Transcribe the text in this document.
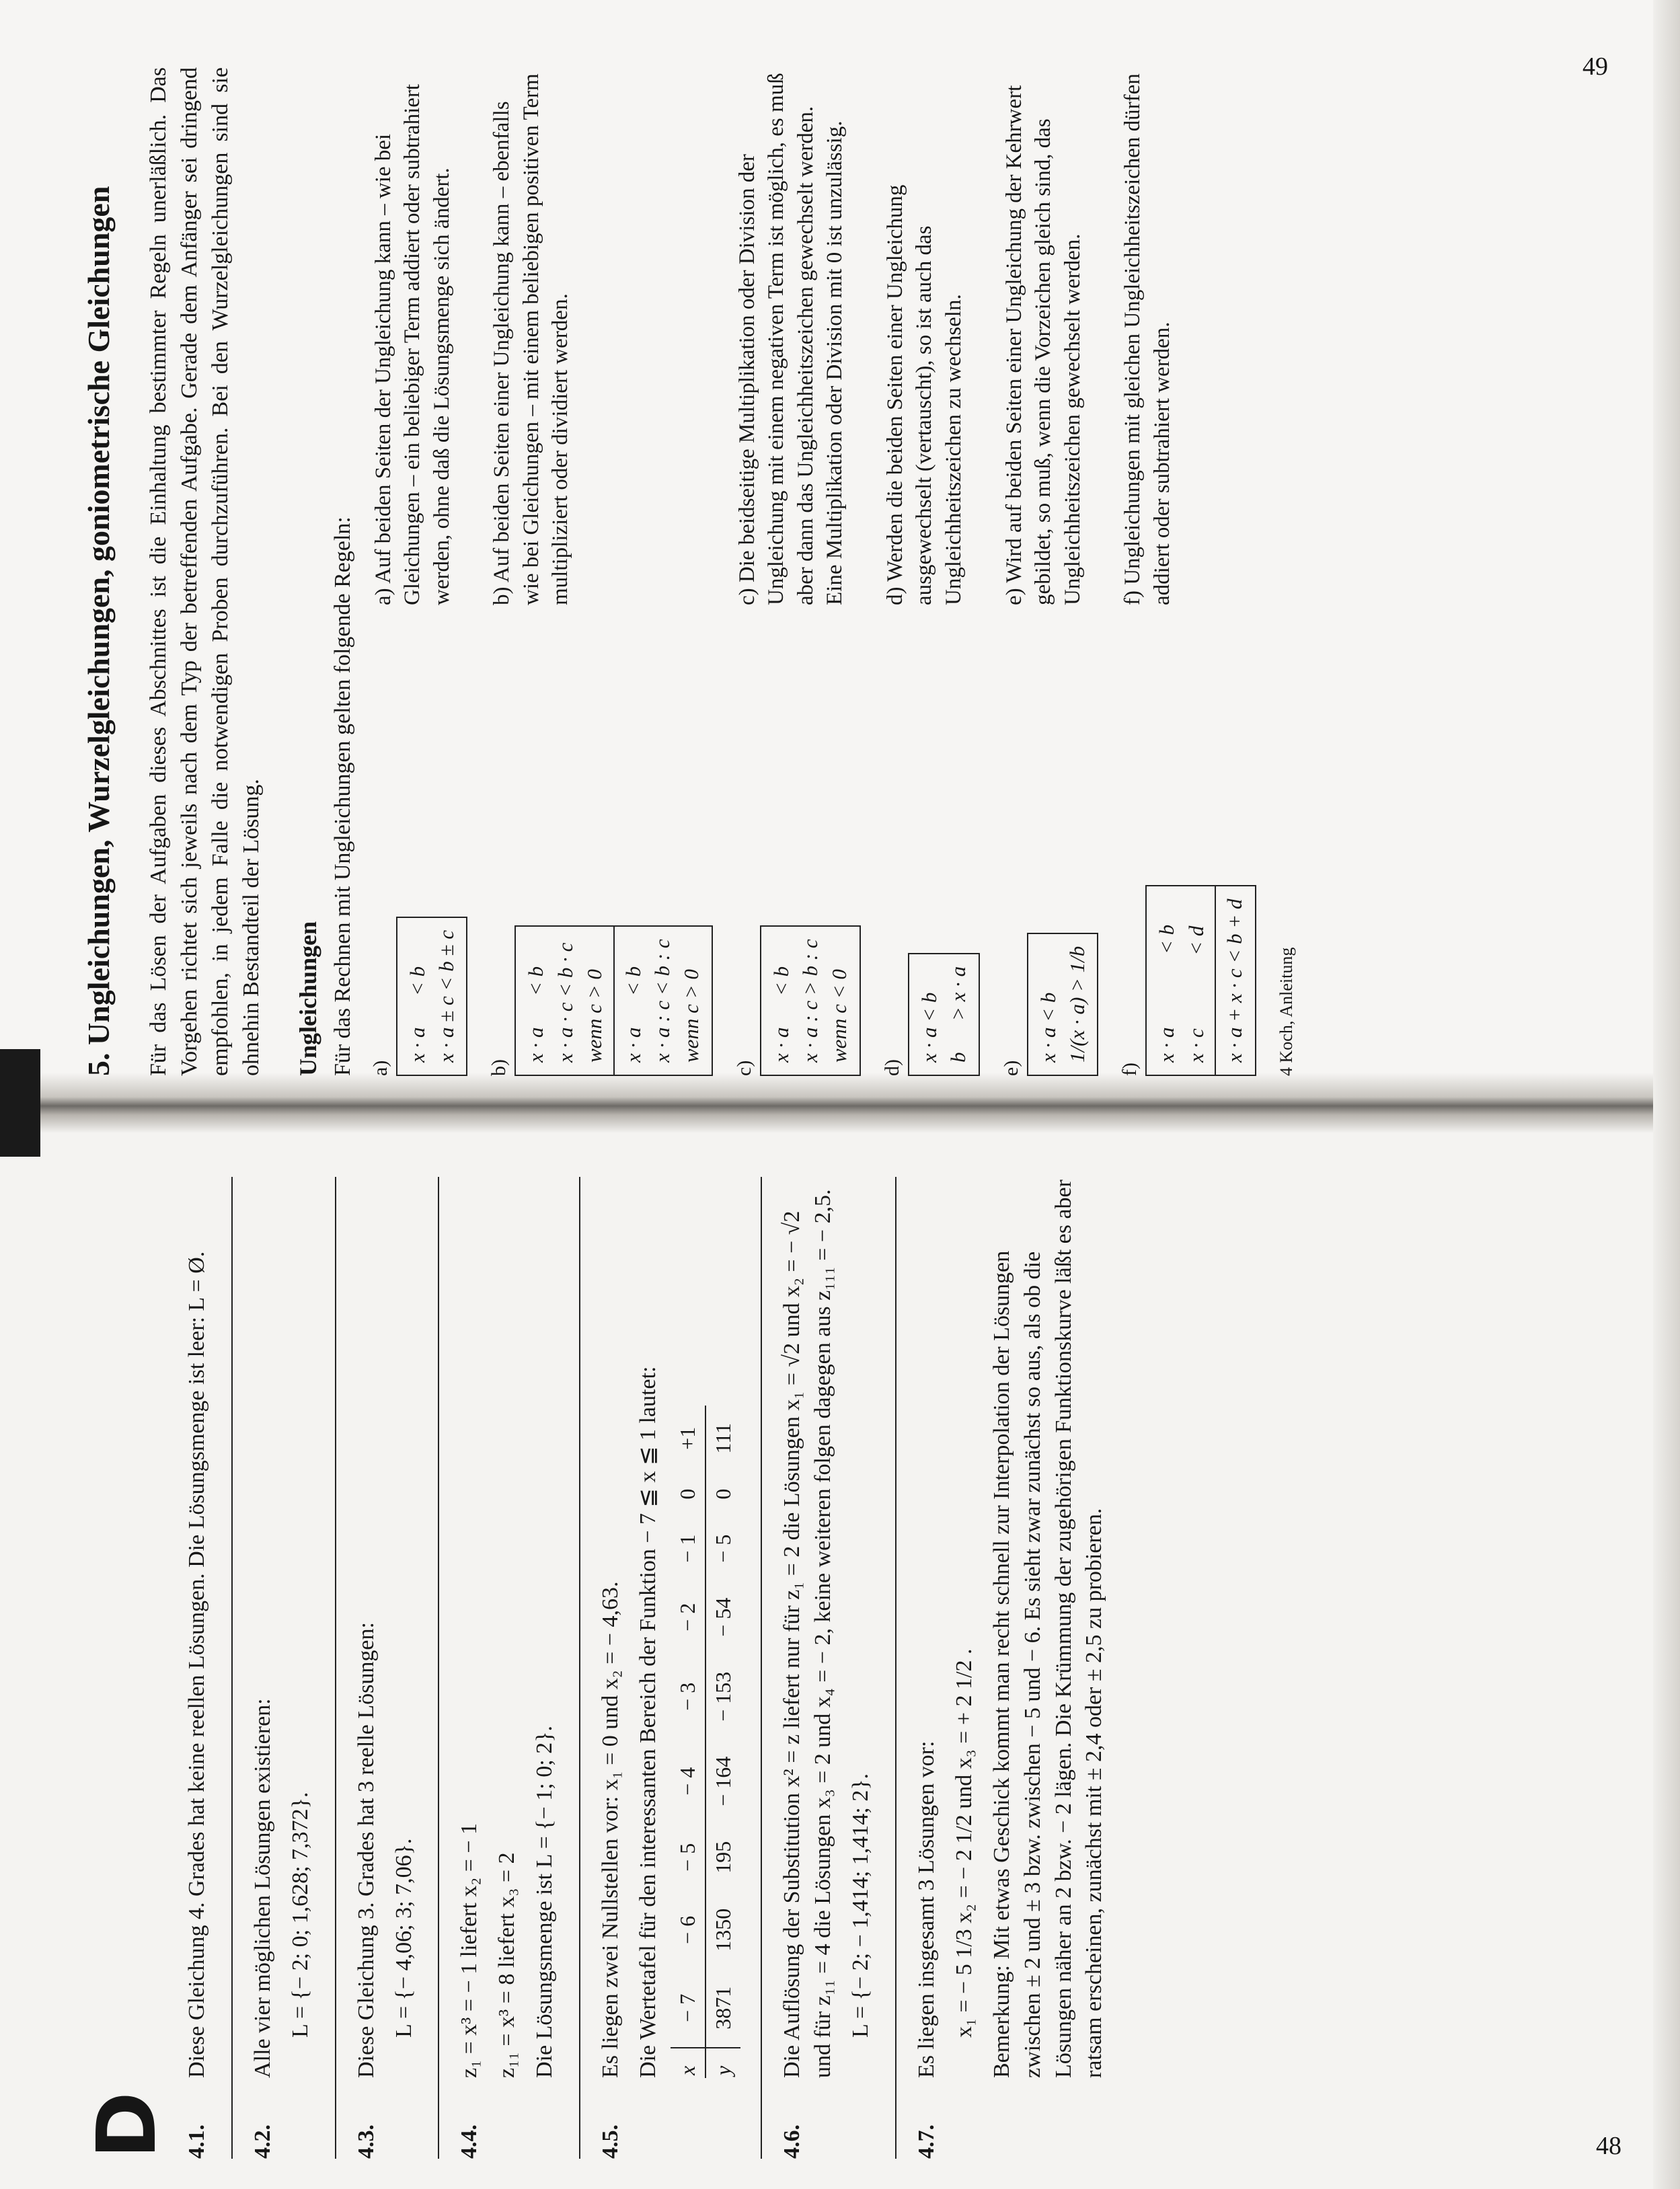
D 4.1.

Diese Gleichung 4. Grades hat keine reellen Lösungen. Die Lösungsmenge ist leer: L = Ø.

4.2.

Alle vier möglichen Lösungen existieren: L = {− 2; 0; 1,628; 7,372}.

4.3.

Diese Gleichung 3. Grades hat 3 reelle Lösungen: L = {− 4,06; 3; 7,06}.

4.4.

z₁ = x³ = − 1 liefert x₂ = − 1 z₁₁ = x³ = 8 liefert x₃ = 2 Die Lösungsmenge ist L = {− 1; 0; 2}.

4.5.

Es liegen zwei Nullstellen vor: x₁ = 0 und x₂ = − 4,63. Die Wertetafel für den interessanten Bereich der Funktion − 7 ≦ x ≦ 1 lautet: x	− 7	− 6	− 5	− 4	− 3	− 2	− 1	0	+1
y	3871	1350	195	− 164	− 153	− 54	− 5	0	111
4.6.

Die Auflösung der Substitution x² = z liefert nur für z₁ = 2 die Lösungen x₁ = √2 und x₂ = − √2 und für z₁₁ = 4 die Lösungen x₃ = 2 und x₄ = − 2, keine weiteren folgen dagegen aus z₁₁₁ = − 2,5. L = {− 2; − 1,414; 1,414; 2}.

4.7.

Es liegen insgesamt 3 Lösungen vor: x₁ = − 5 1/3 x₂ = − 2 1/2 und x₃ = + 2 1/2 . Bemerkung: Mit etwas Geschick kommt man recht schnell zur Interpolation der Lösungen zwischen ± 2 und ± 3 bzw. zwischen − 5 und − 6. Es sieht zwar zunächst so aus, als ob die Lösungen näher an 2 bzw. − 2 lägen. Die Krümmung der zugehörigen Funktionskurve läßt es aber ratsam erscheinen, zunächst mit ± 2,4 oder ± 2,5 zu probieren.

48
5. Ungleichungen, Wurzelgleichungen, goniometrische Gleichungen Für das Lösen der Aufgaben dieses Abschnittes ist die Einhaltung bestimmter Regeln unerläßlich. Das Vorgehen richtet sich jeweils nach dem Typ der betreffenden Aufgabe. Gerade dem Anfänger sei dringend empfohlen, in jedem Falle die notwendigen Proben durchzuführen. Bei den Wurzelgleichungen sind sie ohnehin Bestandteil der Lösung. Ungleichungen Für das Rechnen mit Ungleichungen gelten folgende Regeln: a)
x · a      < b x · a ± c < b ± c
a) Auf beiden Seiten der Ungleichung kann – wie bei Gleichungen – ein beliebiger Term addiert oder subtrahiert werden, ohne daß die Lösungsmenge sich ändert.
b)
x · a      < b x · a · c < b · c wenn c > 0 x · a      < b x · a : c < b : c wenn c > 0
b) Auf beiden Seiten einer Ungleichung kann – ebenfalls wie bei Gleichungen – mit einem beliebigen positiven Term multipliziert oder dividiert werden.
c)
x · a      < b x · a : c > b : c wenn c < 0
c) Die beidseitige Multiplikation oder Division der Ungleichung mit einem negativen Term ist möglich, es muß aber dann das Ungleichheitszeichen gewechselt werden. Eine Multiplikation oder Division mit 0 ist unzulässig.
d)
x · a < b b      > x · a
d) Werden die beiden Seiten einer Ungleichung ausgewechselt (vertauscht), so ist auch das Ungleichheitszeichen zu wechseln.
e)
x · a < b 1/(x · a) > 1/b
e) Wird auf beiden Seiten einer Ungleichung der Kehrwert gebildet, so muß, wenn die Vorzeichen gleich sind, das Ungleichheitszeichen gewechselt werden.
f)
x · a              < b x · c              < d x · a + x · c < b + d
f) Ungleichungen mit gleichen Ungleichheitszeichen dürfen addiert oder subtrahiert werden.
4 Koch, Anleitung
49
